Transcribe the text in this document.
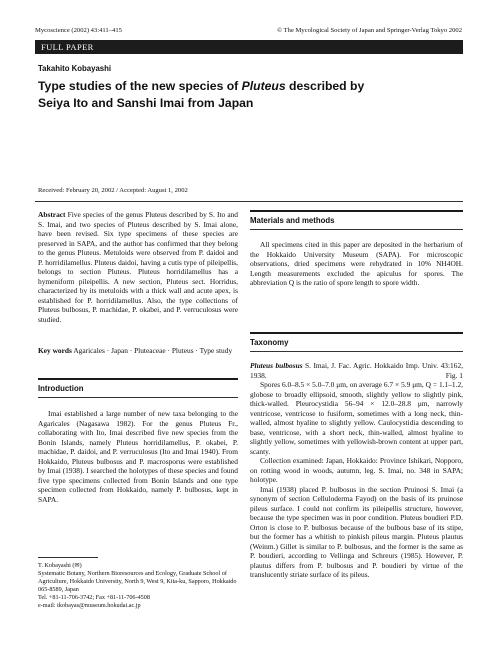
Mycoscience (2002) 43:411–415	© The Mycological Society of Japan and Springer-Verlag Tokyo 2002
FULL PAPER
Takahito Kobayashi
Type studies of the new species of Pluteus described by Seiya Ito and Sanshi Imai from Japan
Received: February 20, 2002 / Accepted: August 1, 2002

Abstract Five species of the genus Pluteus described by S. Ito and S. Imai, and two species of Pluteus described by S. Imai alone, have been revised. Six type specimens of these species are preserved in SAPA, and the author has confirmed that they belong to the genus Pluteus. Metuloids were observed from P. daidoi and P. horridilamellus. Pluteus daidoi, having a cutis type of pileipellis, belongs to section Pluteus. Pluteus horridilamellus has a hymeniform pileipellis. A new section, Pluteus sect. Horridus, characterized by its metuloids with a thick wall and acute apex, is established for P. horridilamellus. Also, the type collections of Pluteus bulbosus, P. machidae, P. okabei, and P. verruculosus were studied.

Key words Agaricales · Japan · Pluteaceae · Pluteus · Type study

Introduction

Imai established a large number of new taxa belonging to the Agaricales (Nagasawa 1982). For the genus Pluteus Fr., collaborating with Ito, Imai described five new species from the Bonin Islands, namely Pluteus horridilamellus, P. okabei, P. machidae, P. daidoi, and P. verruculosus (Ito and Imai 1940). From Hokkaido, Pluteus bulbosus and P. macrosporus were established by Imai (1938). I searched the holotypes of these species and found five type specimens collected from Bonin Islands and one type specimen collected from Hokkaido, namely P. bulbosus, kept in SAPA.

T. Kobayashi (✉)

Systematic Botany, Northern Bioresources and Ecology, Graduate School of Agriculture, Hokkaido University, North 9, West 9, Kita-ku, Sapporo, Hokkaido 065-8589, Japan

Tel. +81-11-706-3742; Fax +81-11-706-4508

e-mail: tkobayas@museum.hokudai.ac.jp

Materials and methods

All specimens cited in this paper are deposited in the herbarium of the Hokkaido University Museum (SAPA). For microscopic observations, dried specimens were rehydrated in 10% NH4OH. Length measurements excluded the apiculus for spores. The abbreviation Q is the ratio of spore length to spore width.

Taxonomy

Pluteus bulbosus S. Imai, J. Fac. Agric. Hokkaido Imp. Univ. 43:162, 1938.	Fig. 1

Spores 6.0–8.5 × 5.0–7.0 μm, on average 6.7 × 5.9 μm, Q = 1.1–1.2, globose to broadly ellipsoid, smooth, slightly yellow to slightly pink, thick-walled. Pleurocystidia 56–94 × 12.0–28.8 μm, narrowly ventricose, ventricose to fusiform, sometimes with a long neck, thin-walled, almost hyaline to slightly yellow. Caulocystidia descending to base, ventricose, with a short neck, thin-walled, almost hyaline to slightly yellow, sometimes with yellowish-brown content at upper part, scanty.

Collection examined: Japan, Hokkaido: Province Ishikari, Nopporo, on rotting wood in woods, autumn, leg. S. Imai, no. 348 in SAPA; holotype.

Imai (1938) placed P. bulbosus in the section Pruinosi S. Imai (a synonym of section Celluloderma Fayod) on the basis of its pruinose pileus surface. I could not confirm its pileipellis structure, however, because the type specimen was in poor condition. Pluteus boudieri P.D. Orton is close to P. bulbosus because of the bulbous base of its stipe, but the former has a whitish to pinkish pileus margin. Pluteus plautus (Weinm.) Gillet is similar to P. bulbosus, and the former is the same as P. boudieri, according to Vellinga and Schreurs (1985). However, P. plautus differs from P. bulbosus and P. boudieri by virtue of the translucently striate surface of its pileus.
